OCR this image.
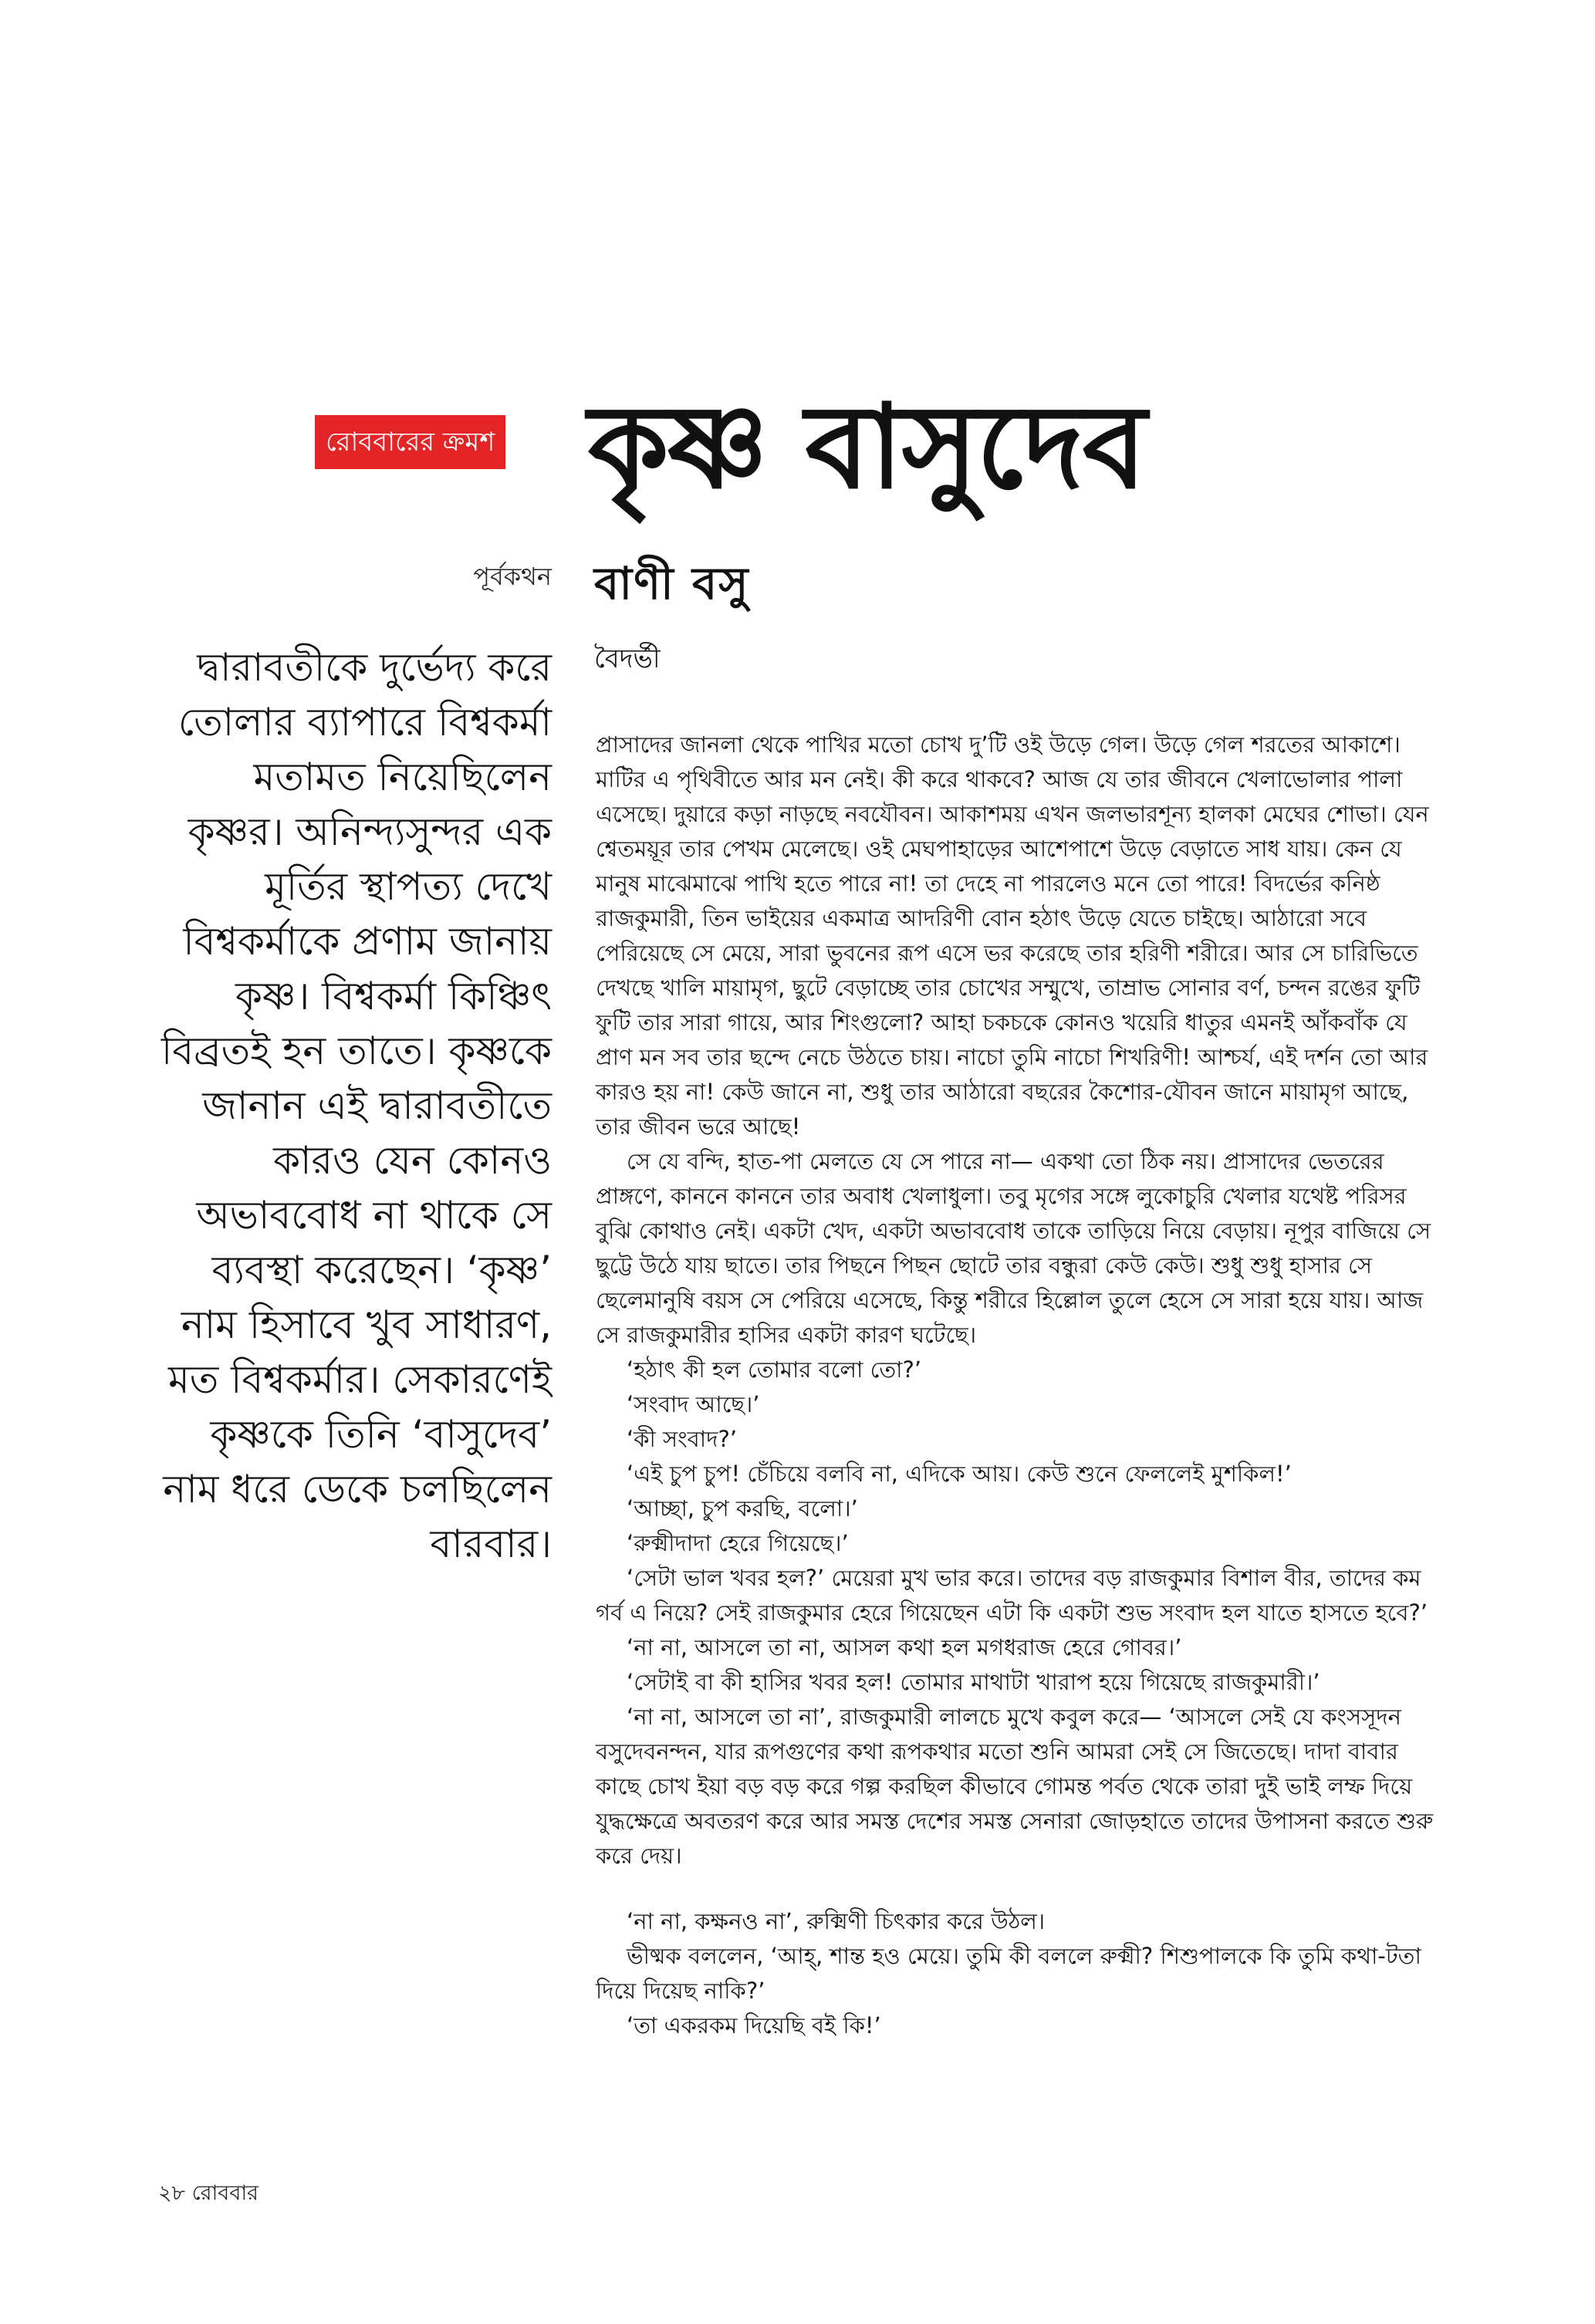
রোববারের ক্রমশ কৃষ্ণ বাসুদেব
পূর্বকথন বাণী বসু
দ্বারাবতীকে দুর্ভেদ্য করে তোলার ব্যাপারে বিশ্বকর্মা মতামত নিয়েছিলেন কৃষ্ণর। অনিন্দ্যসুন্দর এক মূর্তির স্থাপত্য দেখে বিশ্বকর্মাকে প্রণাম জানায় কৃষ্ণ। বিশ্বকর্মা কিঞ্চিৎ বিব্রতই হন তাতে। কৃষ্ণকে জানান এই দ্বারাবতীতে কারও যেন কোনও অভাববোধ না থাকে সে ব্যবস্থা করেছেন। ‘কৃষ্ণ’ নাম হিসাবে খুব সাধারণ, মত বিশ্বকর্মার। সেকারণেই কৃষ্ণকে তিনি ‘বাসুদেব’ নাম ধরে ডেকে চলছিলেন বারবার।
বৈদর্ভী

প্রাসাদের জানলা থেকে পাখির মতো চোখ দু’টি ওই উড়ে গেল। উড়ে গেল শরতের আকাশে। মাটির এ পৃথিবীতে আর মন নেই। কী করে থাকবে? আজ যে তার জীবনে খেলাভোলার পালা এসেছে। দুয়ারে কড়া নাড়ছে নবযৌবন। আকাশময় এখন জলভারশূন্য হালকা মেঘের শোভা। যেন শ্বেতময়ূর তার পেখম মেলেছে। ওই মেঘপাহাড়ের আশেপাশে উড়ে বেড়াতে সাধ যায়। কেন যে মানুষ মাঝেমাঝে পাখি হতে পারে না! তা দেহে না পারলেও মনে তো পারে! বিদর্ভের কনিষ্ঠ রাজকুমারী, তিন ভাইয়ের একমাত্র আদরিণী বোন হঠাৎ উড়ে যেতে চাইছে। আঠারো সবে পেরিয়েছে সে মেয়ে, সারা ভুবনের রূপ এসে ভর করেছে তার হরিণী শরীরে। আর সে চারিভিতে দেখছে খালি মায়ামৃগ, ছুটে বেড়াচ্ছে তার চোখের সম্মুখে, তাম্রাভ সোনার বর্ণ, চন্দন রঙের ফুটি ফুটি তার সারা গায়ে, আর শিংগুলো? আহা চকচকে কোনও খয়েরি ধাতুর এমনই আঁকবাঁক যে প্রাণ মন সব তার ছন্দে নেচে উঠতে চায়। নাচো তুমি নাচো শিখরিণী! আশ্চর্য, এই দর্শন তো আর কারও হয় না! কেউ জানে না, শুধু তার আঠারো বছরের কৈশোর-যৌবন জানে মায়ামৃগ আছে, তার জীবন ভরে আছে!

সে যে বন্দি, হাত-পা মেলতে যে সে পারে না— একথা তো ঠিক নয়। প্রাসাদের ভেতরের প্রাঙ্গণে, কাননে কাননে তার অবাধ খেলাধুলা। তবু মৃগের সঙ্গে লুকোচুরি খেলার যথেষ্ট পরিসর বুঝি কোথাও নেই। একটা খেদ, একটা অভাববোধ তাকে তাড়িয়ে নিয়ে বেড়ায়। নূপুর বাজিয়ে সে ছুট্টে উঠে যায় ছাতে। তার পিছনে পিছন ছোটে তার বন্ধুরা কেউ কেউ। শুধু শুধু হাসার সে ছেলেমানুষি বয়স সে পেরিয়ে এসেছে, কিন্তু শরীরে হিল্লোল তুলে হেসে সে সারা হয়ে যায়। আজ সে রাজকুমারীর হাসির একটা কারণ ঘটেছে।

‘হঠাৎ কী হল তোমার বলো তো?’

‘সংবাদ আছে।’

‘কী সংবাদ?’

‘এই চুপ চুপ! চেঁচিয়ে বলবি না, এদিকে আয়। কেউ শুনে ফেললেই মুশকিল!’

‘আচ্ছা, চুপ করছি, বলো।’

‘রুক্মীদাদা হেরে গিয়েছে।’

‘সেটা ভাল খবর হল?’ মেয়েরা মুখ ভার করে। তাদের বড় রাজকুমার বিশাল বীর, তাদের কম গর্ব এ নিয়ে? সেই রাজকুমার হেরে গিয়েছেন এটা কি একটা শুভ সংবাদ হল যাতে হাসতে হবে?’

‘না না, আসলে তা না, আসল কথা হল মগধরাজ হেরে গোবর।’

‘সেটাই বা কী হাসির খবর হল! তোমার মাথাটা খারাপ হয়ে গিয়েছে রাজকুমারী।’

‘না না, আসলে তা না’, রাজকুমারী লালচে মুখে কবুল করে— ‘আসলে সেই যে কংসসূদন বসুদেবনন্দন, যার রূপগুণের কথা রূপকথার মতো শুনি আমরা সেই সে জিতেছে। দাদা বাবার কাছে চোখ ইয়া বড় বড় করে গল্প করছিল কীভাবে গোমন্ত পর্বত থেকে তারা দুই ভাই লম্ফ দিয়ে যুদ্ধক্ষেত্রে অবতরণ করে আর সমস্ত দেশের সমস্ত সেনারা জোড়হাতে তাদের উপাসনা করতে শুরু করে দেয়।

‘না না, কক্ষনও না’, রুক্মিণী চিৎকার করে উঠল।

ভীষ্মক বললেন, ‘আহ্, শান্ত হও মেয়ে। তুমি কী বললে রুক্মী? শিশুপালকে কি তুমি কথা-টতা দিয়ে দিয়েছ নাকি?’

‘তা একরকম দিয়েছি বই কি!’

২৮ রোববার
